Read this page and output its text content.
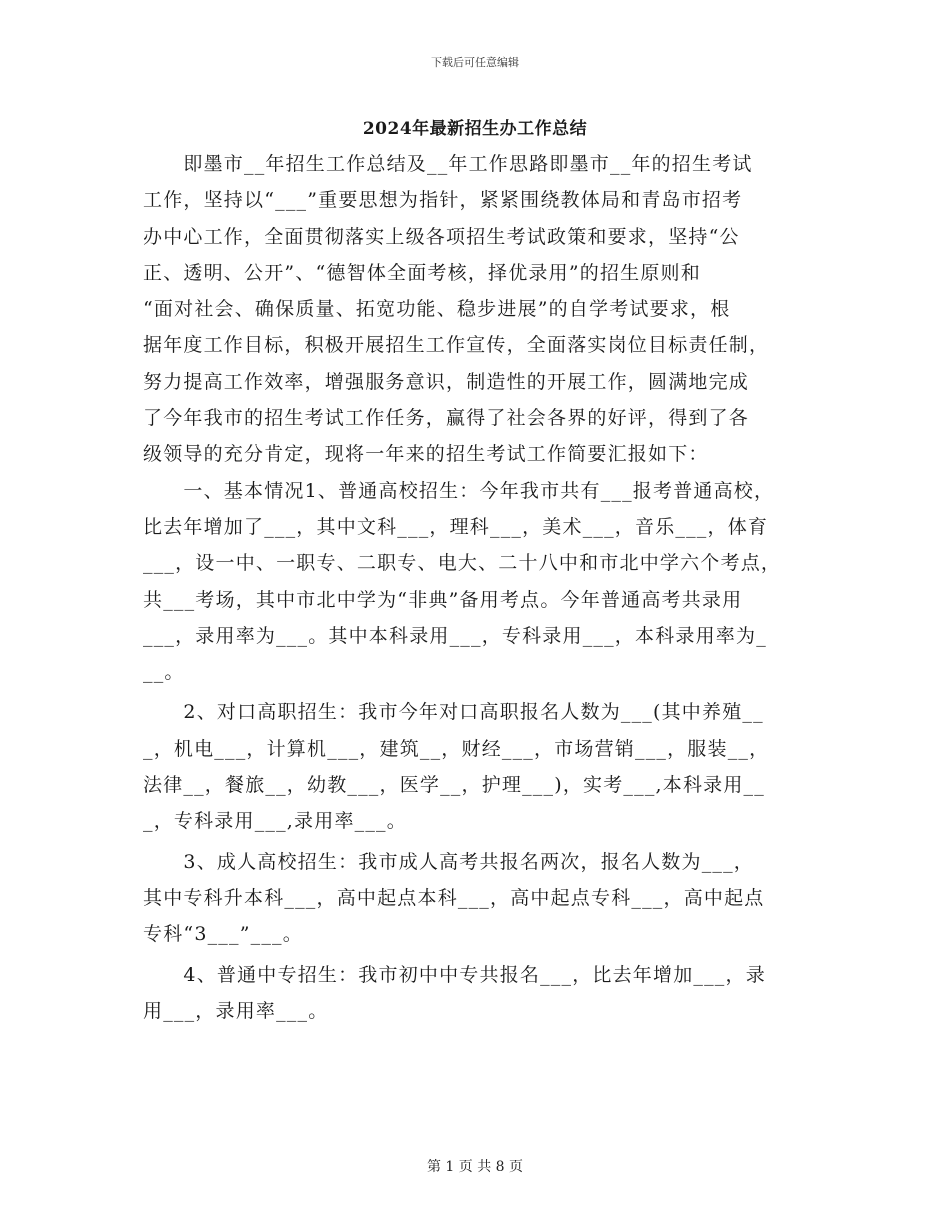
下载后可任意编辑
2024年最新招生办工作总结
　　即墨市__年招生工作总结及__年工作思路即墨市__年的招生考试
工作，坚持以“___”重要思想为指针，紧紧围绕教体局和青岛市招考
办中心工作，全面贯彻落实上级各项招生考试政策和要求，坚持“公
正、透明、公开”、“德智体全面考核，择优录用”的招生原则和
“面对社会、确保质量、拓宽功能、稳步进展”的自学考试要求，根
据年度工作目标，积极开展招生工作宣传，全面落实岗位目标责任制，
努力提高工作效率，增强服务意识，制造性的开展工作，圆满地完成
了今年我市的招生考试工作任务，赢得了社会各界的好评，得到了各
级领导的充分肯定，现将一年来的招生考试工作简要汇报如下：
　　一、基本情况1、普通高校招生：今年我市共有___报考普通高校，
比去年增加了___，其中文科___，理科___，美术___，音乐___，体育
___，设一中、一职专、二职专、电大、二十八中和市北中学六个考点，
共___考场，其中市北中学为“非典”备用考点。今年普通高考共录用
___，录用率为___。其中本科录用___，专科录用___，本科录用率为_
__。
　　2、对口高职招生：我市今年对口高职报名人数为___(其中养殖__
_，机电___，计算机___，建筑__，财经___，市场营销___，服装__，
法律__，餐旅__，幼教___，医学__，护理___)，实考___,本科录用__
_，专科录用___,录用率___。
　　3、成人高校招生：我市成人高考共报名两次，报名人数为___，
其中专科升本科___，高中起点本科___，高中起点专科___，高中起点
专科“3___”___。
　　4、普通中专招生：我市初中中专共报名___，比去年增加___，录
用___，录用率___。
第 1 页 共 8 页
